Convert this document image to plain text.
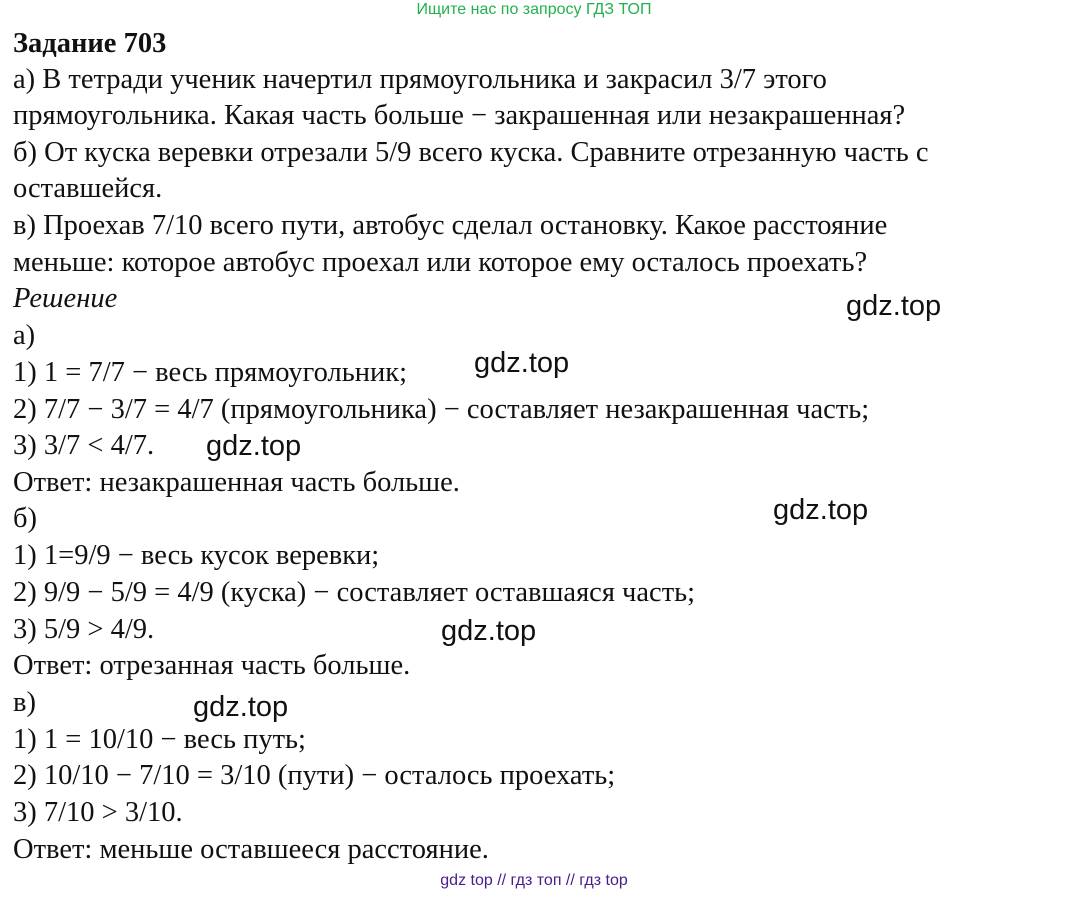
Ищите нас по запросу ГДЗ ТОП
Задание 703
а) В тетради ученик начертил прямоугольника и закрасил 3/7 этого
прямоугольника. Какая часть больше − закрашенная или незакрашенная?
б) От куска веревки отрезали 5/9 всего куска. Сравните отрезанную часть с
оставшейся.
в) Проехав 7/10 всего пути, автобус сделал остановку. Какое расстояние
меньше: которое автобус проехал или которое ему осталось проехать?
Решение
а)
1) 1 = 7/7 − весь прямоугольник;
2) 7/7 − 3/7 = 4/7 (прямоугольника) − составляет незакрашенная часть;
3) 3/7 < 4/7.
Ответ: незакрашенная часть больше.
б)
1) 1=9/9 − весь кусок веревки;
2) 9/9 − 5/9 = 4/9 (куска) − составляет оставшаяся часть;
3) 5/9 > 4/9.
Ответ: отрезанная часть больше.
в)
1) 1 = 10/10 − весь путь;
2) 10/10 − 7/10 = 3/10 (пути) − осталось проехать;
3) 7/10 > 3/10.
Ответ: меньше оставшееся расстояние.
gdz.top
gdz.top
gdz.top
gdz.top
gdz.top
gdz.top
gdz top // гдз топ // гдз top
